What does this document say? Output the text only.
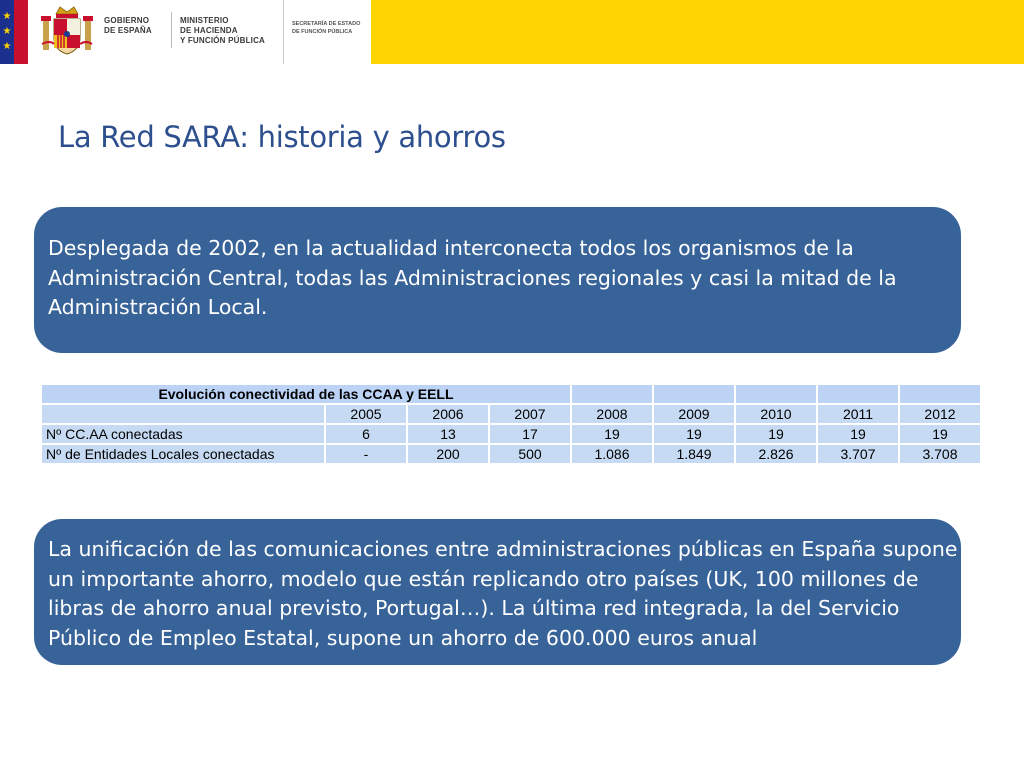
★
★
★
GOBIERNO
DE ESPAÑA
MINISTERIO
DE HACIENDA
Y FUNCIÓN PÚBLICA
SECRETARÍA DE ESTADO
DE FUNCIÓN PÚBLICA
La Red SARA: historia y ahorros
Desplegada de 2002, en la actualidad interconecta todos los organismos de la Administración Central, todas las Administraciones regionales y casi la mitad de la Administración Local.
Evolución conectividad de las CCAA y EELL								
	2005	2006	2007	2008	2009	2010	2011	2012
Nº CC.AA conectadas	6	13	17	19	19	19	19	19
Nº de Entidades Locales conectadas	-	200	500	1.086	1.849	2.826	3.707	3.708
La unificación de las comunicaciones entre administraciones públicas en España supone un importante ahorro, modelo que están replicando otro países (UK, 100 millones de libras de ahorro anual previsto, Portugal…). La última red integrada, la del Servicio Público de Empleo Estatal, supone un ahorro de 600.000 euros anual
